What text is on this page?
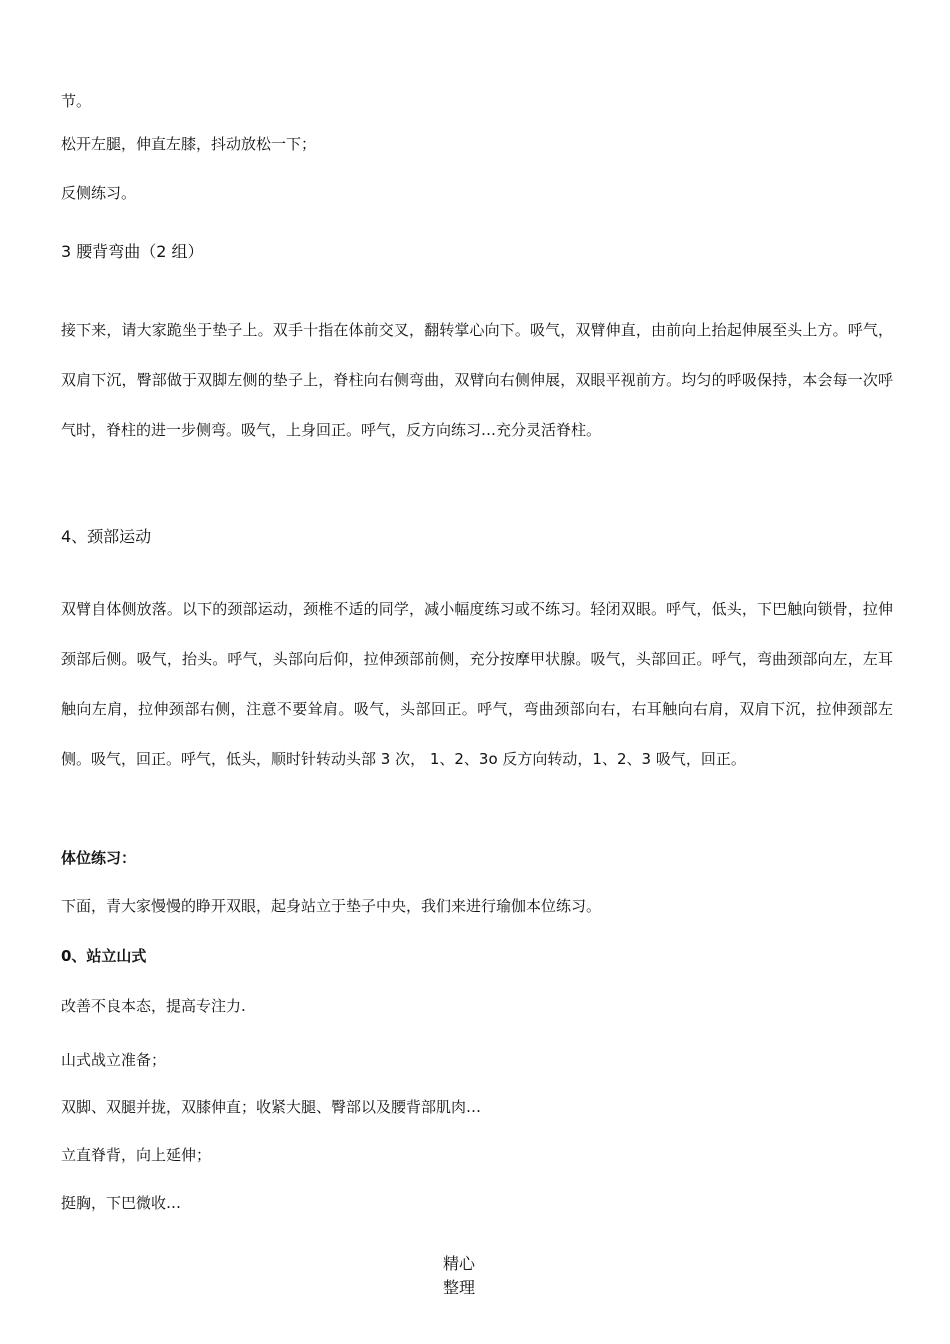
节。
松开左腿，伸直左膝，抖动放松一下；
反侧练习。
3 腰背弯曲（2 组）
接下来，请大家跪坐于垫子上。双手十指在体前交叉，翻转掌心向下。吸气，双臂伸直，由前向上抬起伸展至头上方。呼气，双肩下沉，臀部做于双脚左侧的垫子上，脊柱向右侧弯曲，双臂向右侧伸展，双眼平视前方。均匀的呼吸保持，本会每一次呼气时，脊柱的进一步侧弯。吸气，上身回正。呼气，反方向练习…充分灵活脊柱。
4、颈部运动
双臂自体侧放落。以下的颈部运动，颈椎不适的同学，减小幅度练习或不练习。轻闭双眼。呼气，低头，下巴触向锁骨，拉伸颈部后侧。吸气，抬头。呼气，头部向后仰，拉伸颈部前侧，充分按摩甲状腺。吸气，头部回正。呼气，弯曲颈部向左，左耳触向左肩，拉伸颈部右侧，注意不要耸肩。吸气，头部回正。呼气，弯曲颈部向右，右耳触向右肩，双肩下沉，拉伸颈部左侧。吸气，回正。呼气，低头，顺时针转动头部 3 次， 1、2、3o 反方向转动，1、2、3 吸气，回正。
体位练习：
下面，青大家慢慢的睁开双眼，起身站立于垫子中央，我们来进行瑜伽本位练习。
0、站立山式
改善不良本态，提高专注力.
山式战立准备；
双脚、双腿并拢，双膝伸直；收紧大腿、臀部以及腰背部肌肉…
立直脊背，向上延伸；
挺胸，下巴微收…
精心
整理
